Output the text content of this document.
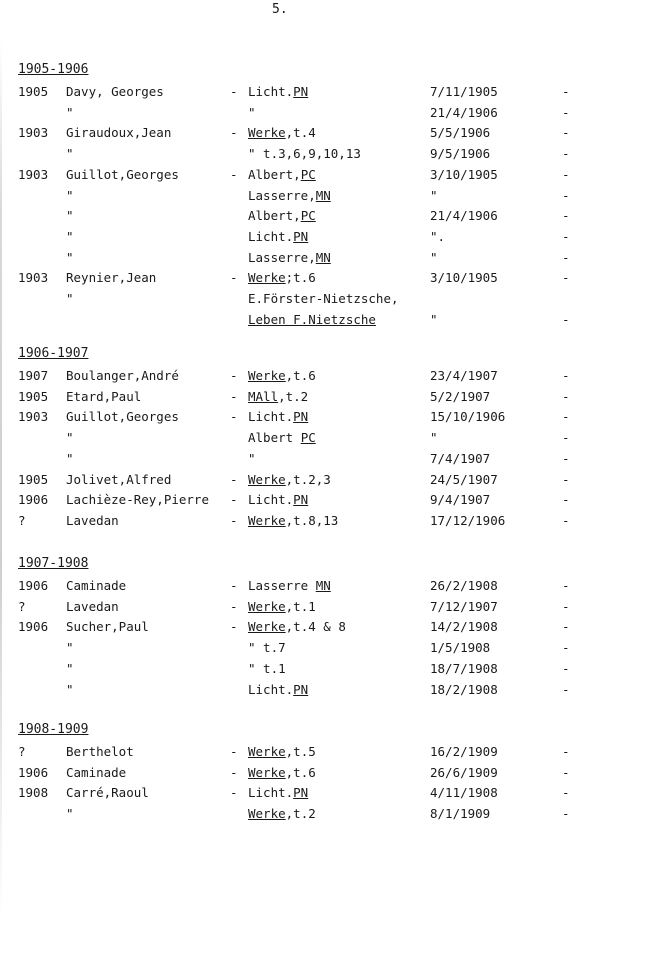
5.
1905-1906
1905 Davy, Georges	- Licht.PN	7/11/1905	-
"	"	21/4/1906	-
1903 Giraudoux,Jean	- Werke,t.4	5/5/1906	-
"	" t.3,6,9,10,13	9/5/1906	-
1903 Guillot,Georges	- Albert,PC	3/10/1905	-
"	Lasserre,MN	"	-
"	Albert,PC	21/4/1906	-
"	Licht.PN	".	-
"	Lasserre,MN	"	-
1903 Reynier,Jean	- Werke;t.6	3/10/1905	-
"	E.Förster-Nietzsche,
Leben F.Nietzsche	"	-
1906-1907
1907 Boulanger,André	- Werke,t.6	23/4/1907	-
1905 Etard,Paul	- MAll,t.2	5/2/1907	-
1903 Guillot,Georges	- Licht.PN	15/10/1906	-
"	Albert PC	"	-
"	"	7/4/1907	-
1905 Jolivet,Alfred	- Werke,t.2,3	24/5/1907	-
1906 Lachièze-Rey,Pierre - Licht.PN	9/4/1907	-
?	Lavedan	- Werke,t.8,13	17/12/1906	-
1907-1908
1906 Caminade	- Lasserre MN	26/2/1908	-
?	Lavedan	- Werke,t.1	7/12/1907	-
1906 Sucher,Paul	- Werke,t.4 & 8	14/2/1908	-
"	" t.7	1/5/1908	-
"	" t.1	18/7/1908	-
"	Licht.PN	18/2/1908	-
1908-1909
?	Berthelot	- Werke,t.5	16/2/1909	-
1906 Caminade	- Werke,t.6	26/6/1909	-
1908 Carré,Raoul	- Licht.PN	4/11/1908	-
"	Werke,t.2	8/1/1909	-
